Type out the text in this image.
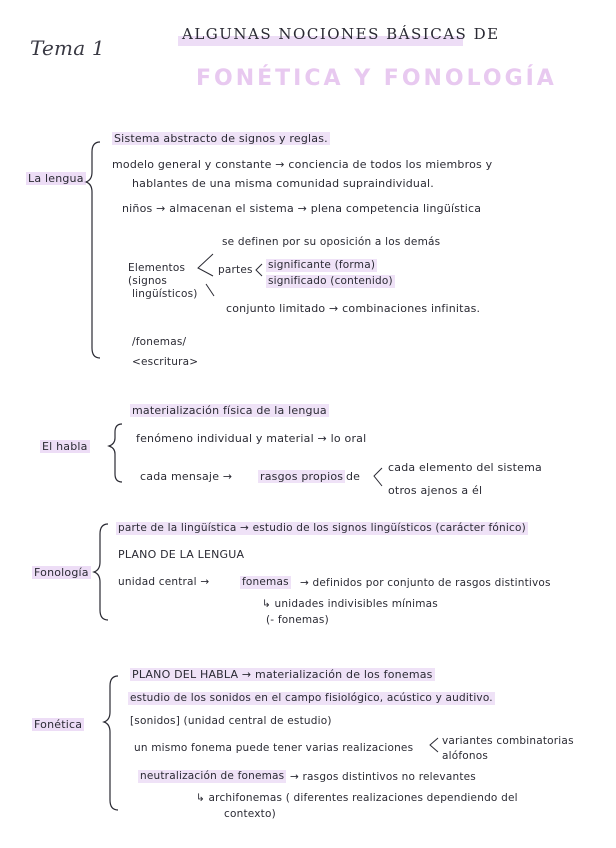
Tema 1
ALGUNAS NOCIONES BÁSICAS DE
FONÉTICA Y FONOLOGÍA
La lengua
Sistema abstracto de signos y reglas.
modelo general y constante → conciencia de todos los miembros y
hablantes de una misma comunidad supraindividual.
niños → almacenan el sistema → plena competencia lingüística
se definen por su oposición a los demás
Elementos
(signos
lingüísticos)
partes significante (forma)
significado (contenido)
conjunto limitado → combinaciones infinitas.
/fonemas/
<escritura>
El habla
materialización física de la lengua
fenómeno individual y material → lo oral
cada mensaje →	rasgos propios de
cada elemento del sistema
otros ajenos a él
Fonología
parte de la lingüística → estudio de los signos lingüísticos (carácter fónico)
PLANO DE LA LENGUA
unidad central →	fonemas → definidos por conjunto de rasgos distintivos
↳ unidades indivisibles mínimas
(- fonemas)
Fonética
PLANO DEL HABLA → materialización de los fonemas
estudio de los sonidos en el campo fisiológico, acústico y auditivo.
[sonidos] (unidad central de estudio)
un mismo fonema puede tener varias realizaciones
variantes combinatorias
alófonos
neutralización de fonemas → rasgos distintivos no relevantes
↳ archifonemas ( diferentes realizaciones dependiendo del
contexto)
